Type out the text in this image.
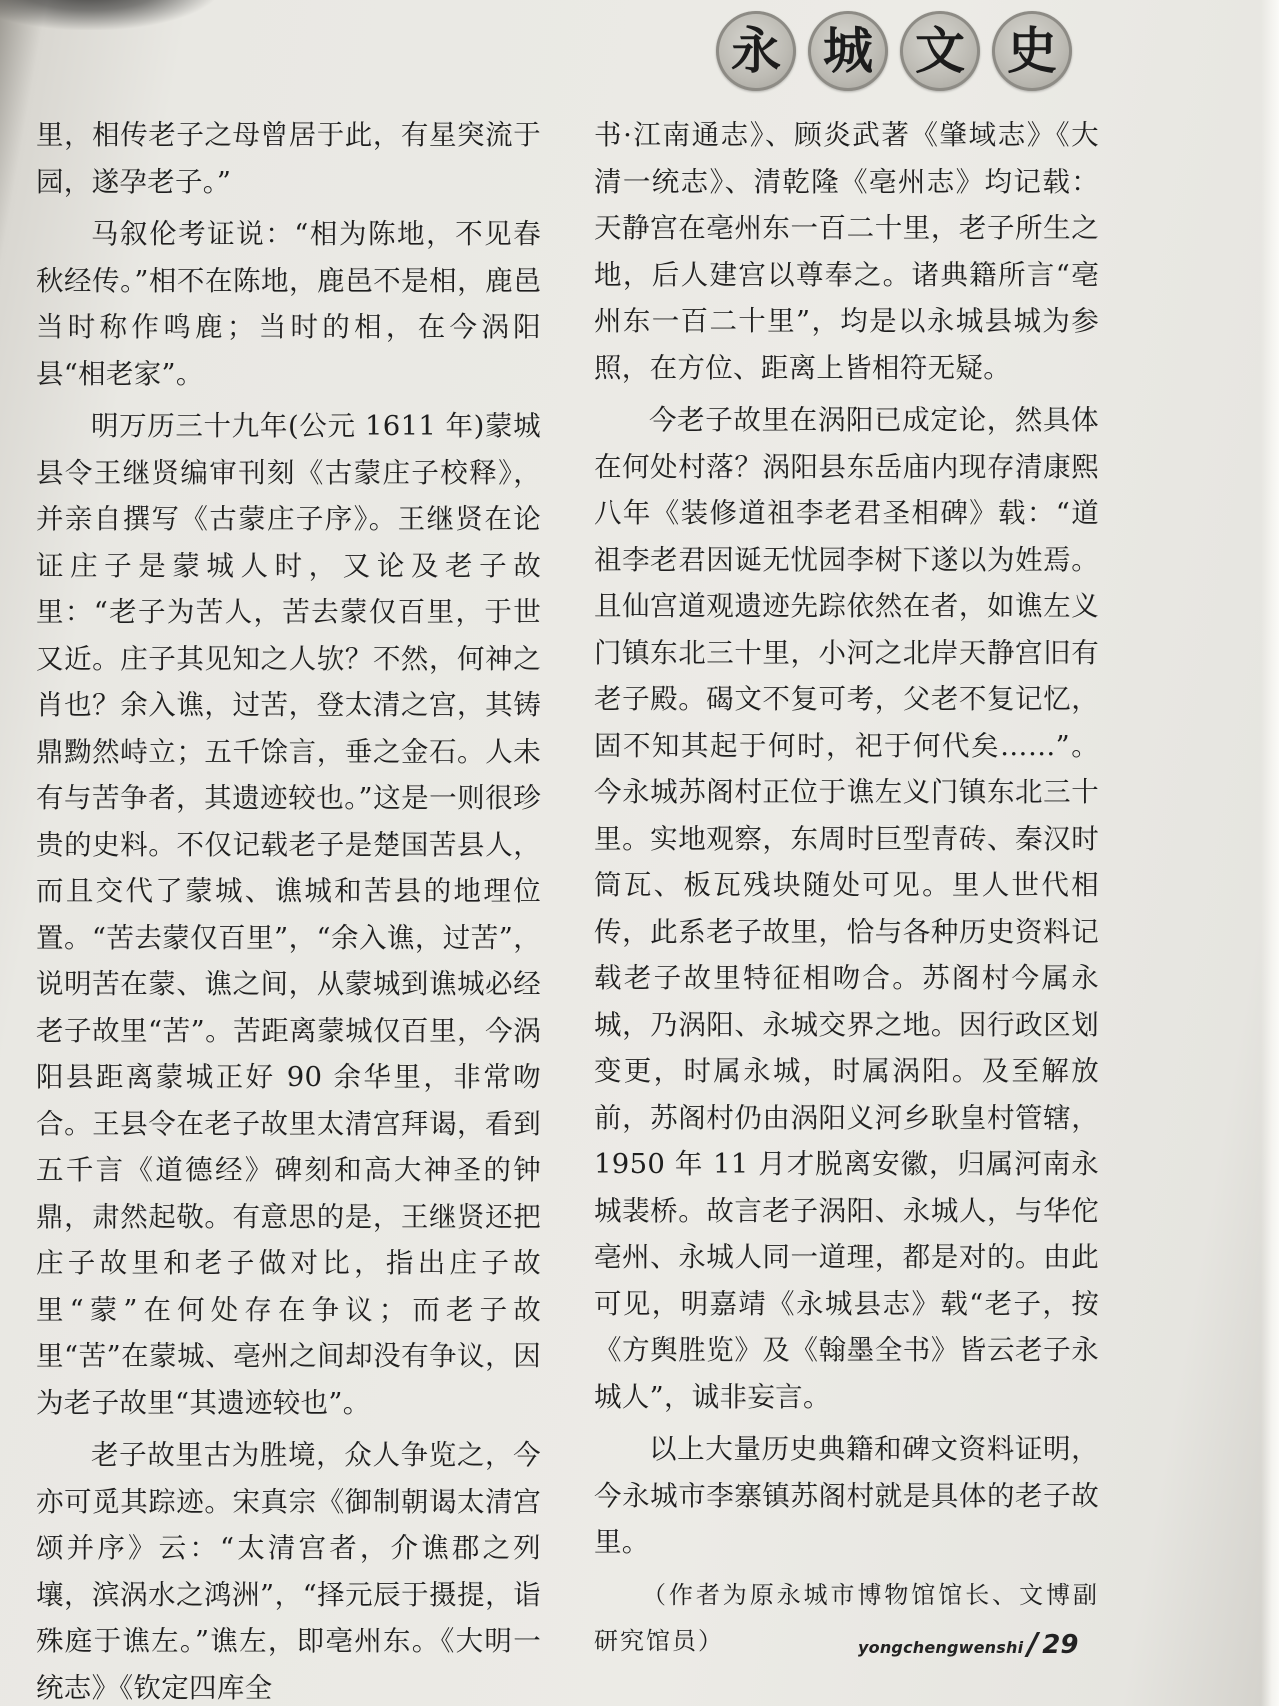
永 城 文 史

里，相传老子之母曾居于此，有星突流于园，遂孕老子。”

马叙伦考证说：“相为陈地，不见春秋经传。”相不在陈地，鹿邑不是相，鹿邑当时称作鸣鹿；当时的相，在今涡阳县“相老家”。

明万历三十九年(公元 1611 年)蒙城县令王继贤编审刊刻《古蒙庄子校释》，并亲自撰写《古蒙庄子序》。王继贤在论证庄子是蒙城人时，又论及老子故里：“老子为苦人，苦去蒙仅百里，于世又近。庄子其见知之人欤？不然，何神之肖也？余入谯，过苦，登太清之宫，其铸鼎黝然峙立；五千馀言，垂之金石。人未有与苦争者，其遗迹较也。”这是一则很珍贵的史料。不仅记载老子是楚国苦县人，而且交代了蒙城、谯城和苦县的地理位置。“苦去蒙仅百里”，“余入谯，过苦”，说明苦在蒙、谯之间，从蒙城到谯城必经老子故里“苦”。苦距离蒙城仅百里，今涡阳县距离蒙城正好 90 余华里，非常吻合。王县令在老子故里太清宫拜谒，看到五千言《道德经》碑刻和高大神圣的钟鼎，肃然起敬。有意思的是，王继贤还把庄子故里和老子做对比，指出庄子故里“蒙”在何处存在争议；而老子故里“苦”在蒙城、亳州之间却没有争议，因为老子故里“其遗迹较也”。

老子故里古为胜境，众人争览之，今亦可觅其踪迹。宋真宗《御制朝谒太清宫颂并序》云：“太清宫者，介谯郡之列壤，滨涡水之鸿洲”，“择元辰于摄提，诣殊庭于谯左。”谯左，即亳州东。《大明一统志》《钦定四库全

书·江南通志》、顾炎武著《肇域志》《大清一统志》、清乾隆《亳州志》均记载：天静宫在亳州东一百二十里，老子所生之地，后人建宫以尊奉之。诸典籍所言“亳州东一百二十里”，均是以永城县城为参照，在方位、距离上皆相符无疑。

今老子故里在涡阳已成定论，然具体在何处村落？涡阳县东岳庙内现存清康熙八年《装修道祖李老君圣相碑》载：“道祖李老君因诞无忧园李树下遂以为姓焉。且仙宫道观遗迹先踪依然在者，如谯左义门镇东北三十里，小河之北岸天静宫旧有老子殿。碣文不复可考，父老不复记忆，固不知其起于何时，祀于何代矣……”。今永城苏阁村正位于谯左义门镇东北三十里。实地观察，东周时巨型青砖、秦汉时筒瓦、板瓦残块随处可见。里人世代相传，此系老子故里，恰与各种历史资料记载老子故里特征相吻合。苏阁村今属永城，乃涡阳、永城交界之地。因行政区划变更，时属永城，时属涡阳。及至解放前，苏阁村仍由涡阳义河乡耿皇村管辖，1950 年 11 月才脱离安徽，归属河南永城裴桥。故言老子涡阳、永城人，与华佗亳州、永城人同一道理，都是对的。由此可见，明嘉靖《永城县志》载“老子，按《方舆胜览》及《翰墨全书》皆云老子永城人”，诚非妄言。

以上大量历史典籍和碑文资料证明，今永城市李寨镇苏阁村就是具体的老子故里。

（作者为原永城市博物馆馆长、文博副研究馆员）	yongchengwenshi / 29
